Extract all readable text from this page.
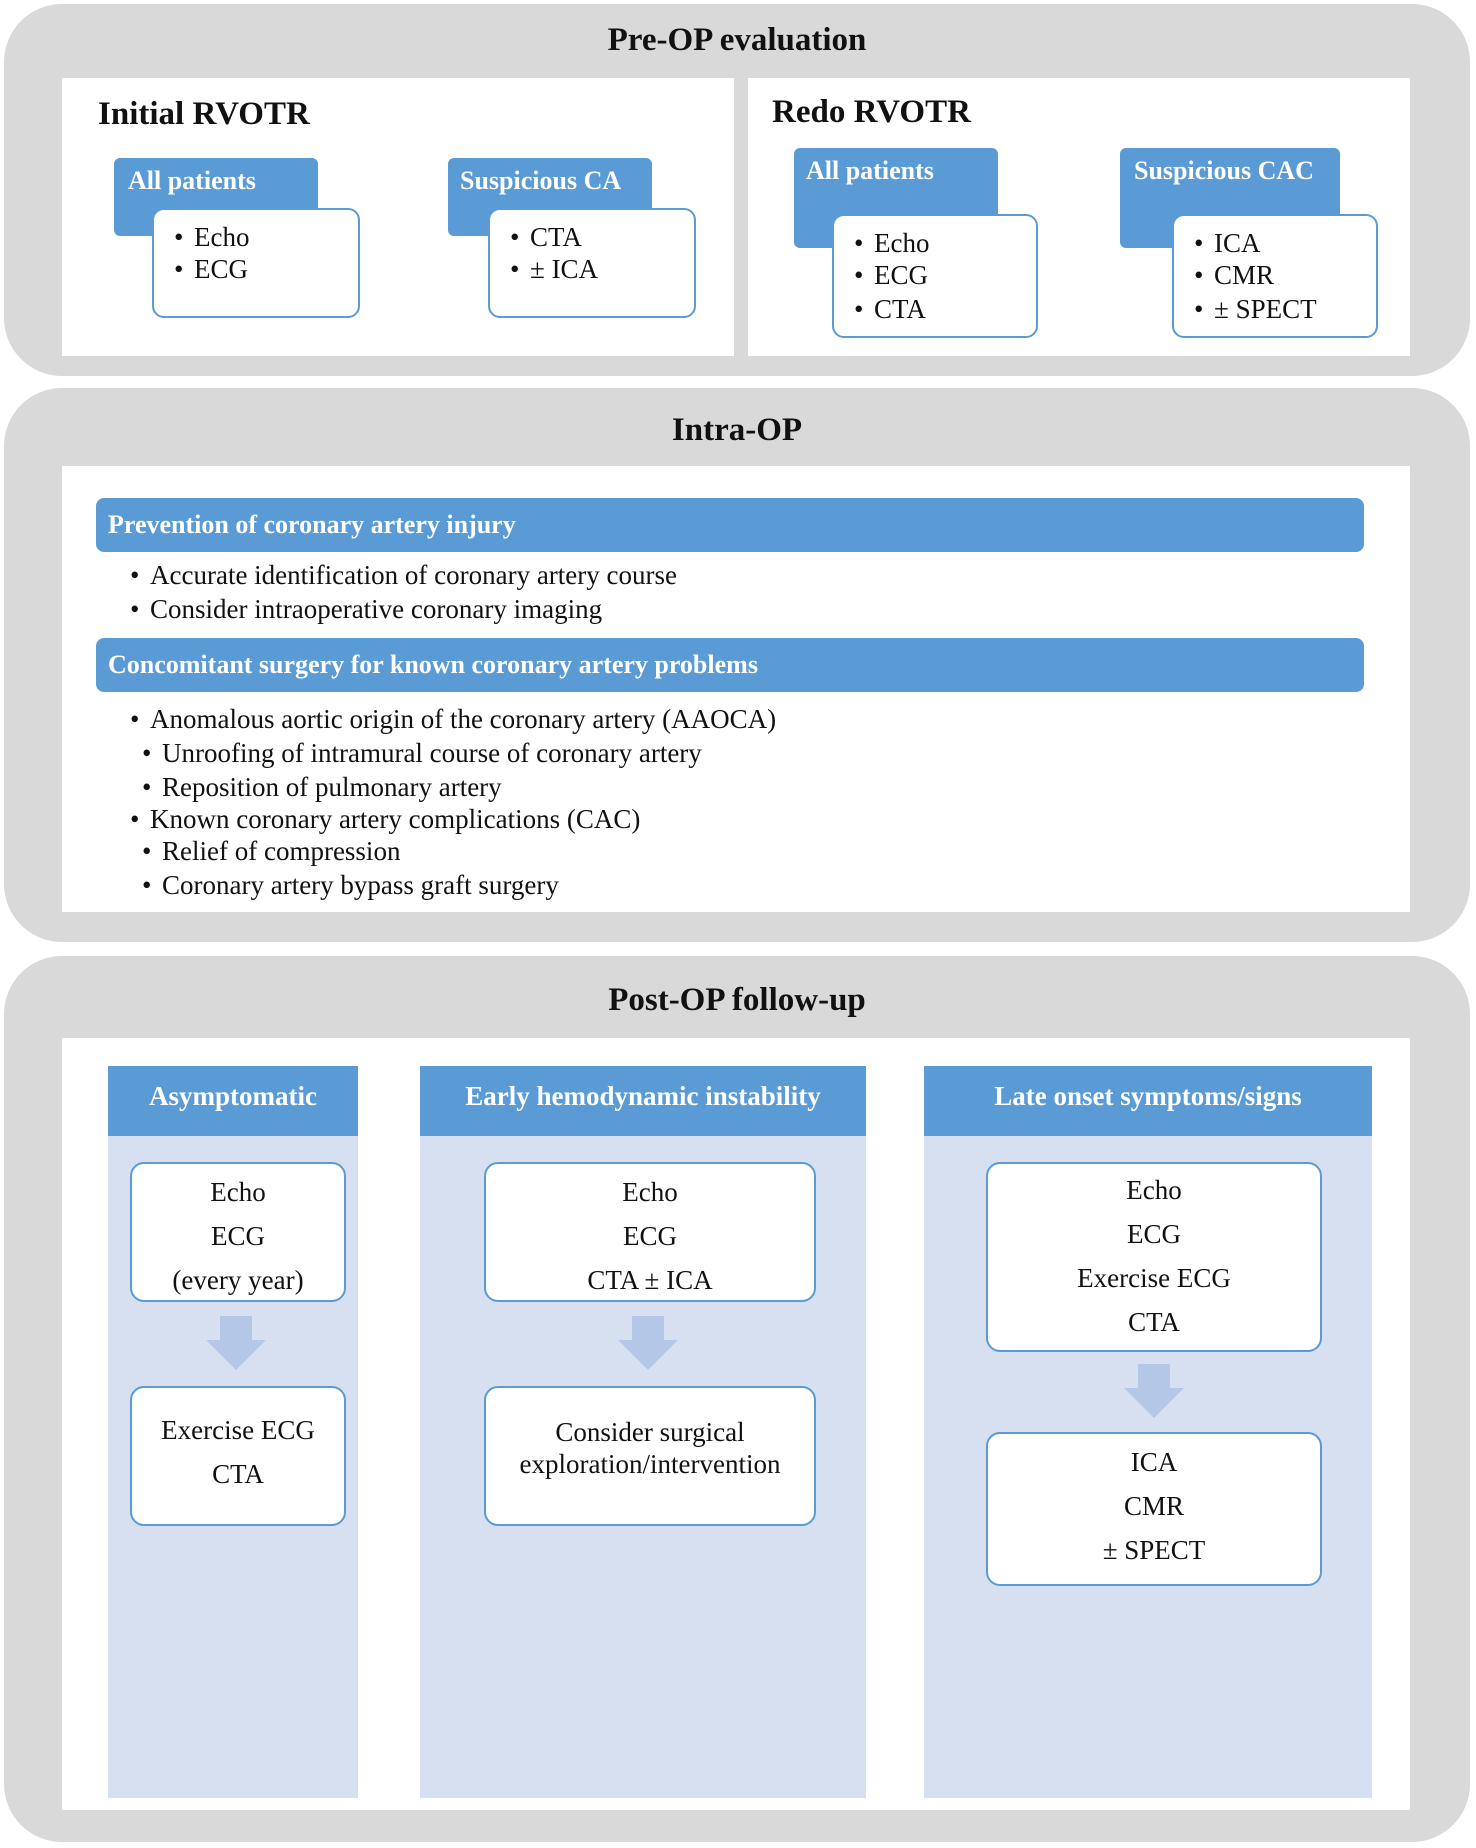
Pre-OP evaluation
Initial RVOTR
All patients
• Echo
• ECG
Suspicious CA
• CTA
• ± ICA
Redo RVOTR
All patients
• Echo
• ECG
• CTA
Suspicious CAC
• ICA
• CMR
• ± SPECT
Intra-OP
Prevention of coronary artery injury
• Accurate identification of coronary artery course
• Consider intraoperative coronary imaging
Concomitant surgery for known coronary artery problems
• Anomalous aortic origin of the coronary artery (AAOCA)
• Unroofing of intramural course of coronary artery
• Reposition of pulmonary artery
• Known coronary artery complications (CAC)
• Relief of compression
• Coronary artery bypass graft surgery
Post-OP follow-up
Asymptomatic
Echo
ECG
(every year)
Exercise ECG
CTA
Early hemodynamic instability
Echo
ECG
CTA ± ICA
Consider surgical
exploration/intervention
Late onset symptoms/signs
Echo
ECG
Exercise ECG
CTA
ICA
CMR
± SPECT
